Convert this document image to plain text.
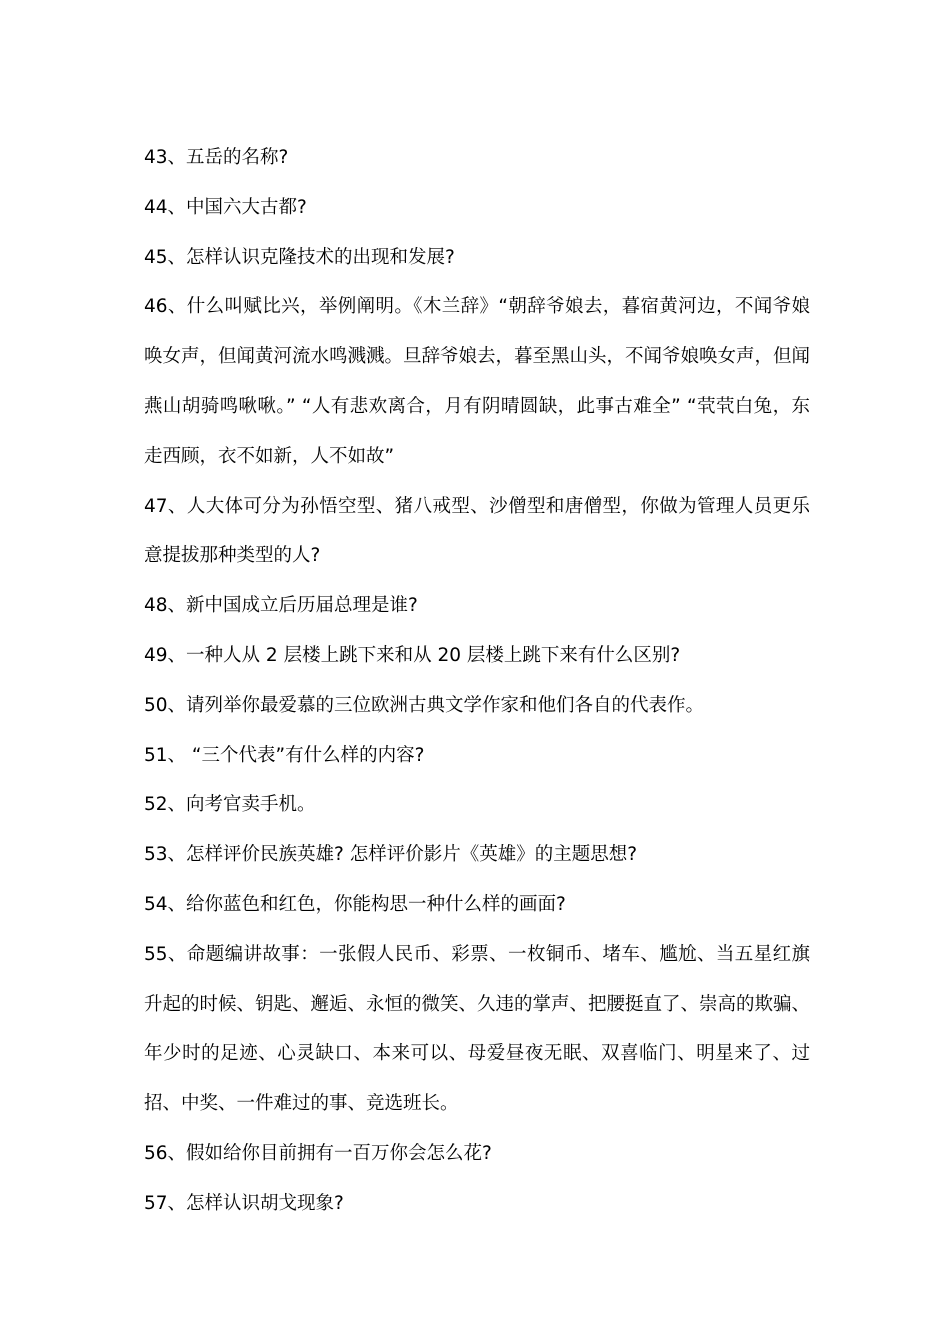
43、五岳的名称?

44、中国六大古都?

45、怎样认识克隆技术的出现和发展?

46、什么叫赋比兴，举例阐明。《木兰辞》“朝辞爷娘去，暮宿黄河边，不闻爷娘唤女声，但闻黄河流水鸣溅溅。旦辞爷娘去，暮至黑山头，不闻爷娘唤女声，但闻燕山胡骑鸣啾啾。” “人有悲欢离合，月有阴晴圆缺，此事古难全” “茕茕白兔，东走西顾，衣不如新，人不如故”

47、人大体可分为孙悟空型、猪八戒型、沙僧型和唐僧型，你做为管理人员更乐意提拔那种类型的人?

48、新中国成立后历届总理是谁?

49、一种人从 2 层楼上跳下来和从 20 层楼上跳下来有什么区别?

50、请列举你最爱慕的三位欧洲古典文学作家和他们各自的代表作。

51、 “三个代表”有什么样的内容?

52、向考官卖手机。

53、怎样评价民族英雄? 怎样评价影片《英雄》的主题思想?

54、给你蓝色和红色，你能构思一种什么样的画面?

55、命题编讲故事：一张假人民币、彩票、一枚铜币、堵车、尴尬、当五星红旗升起的时候、钥匙、邂逅、永恒的微笑、久违的掌声、把腰挺直了、崇高的欺骗、年少时的足迹、心灵缺口、本来可以、母爱昼夜无眠、双喜临门、明星来了、过招、中奖、一件难过的事、竞选班长。

56、假如给你目前拥有一百万你会怎么花?

57、怎样认识胡戈现象?
